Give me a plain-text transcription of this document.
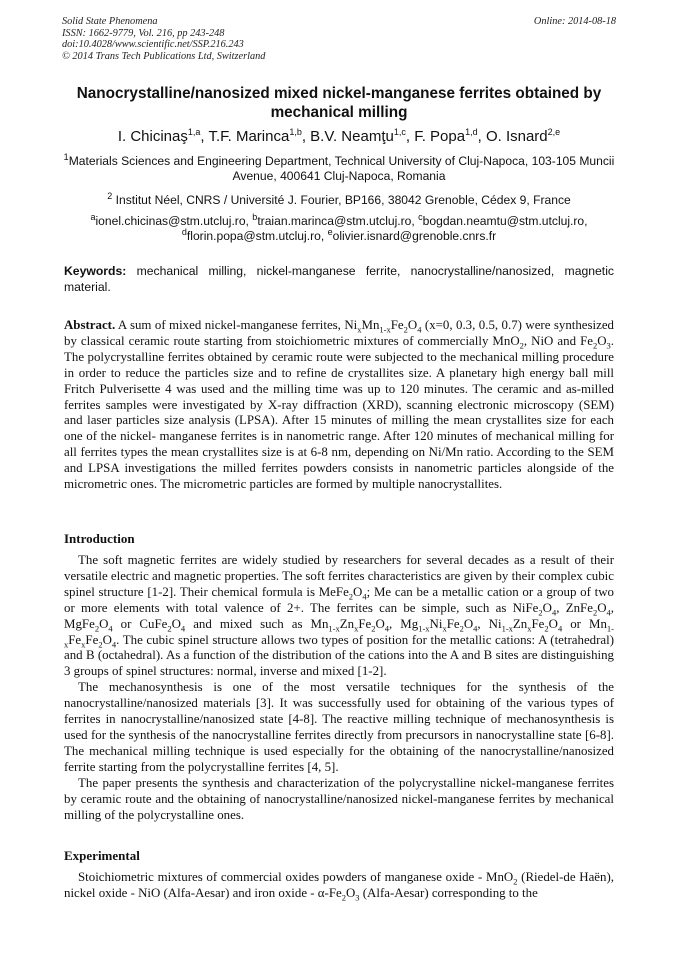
Solid State Phenomena
ISSN: 1662-9779, Vol. 216, pp 243-248
doi:10.4028/www.scientific.net/SSP.216.243
© 2014 Trans Tech Publications Ltd, Switzerland
Online: 2014-08-18
Nanocrystalline/nanosized mixed nickel-manganese ferrites obtained by mechanical milling
I. Chicinaş$^{1,a}$, T.F. Marinca$^{1,b}$, B.V. Neamţu$^{1,c}$, F. Popa$^{1,d}$, O. Isnard$^{2,e}$
$^1$Materials Sciences and Engineering Department, Technical University of Cluj-Napoca, 103-105 Muncii Avenue, 400641 Cluj-Napoca, Romania
$^2$ Institut Néel, CNRS / Université J. Fourier, BP166, 38042 Grenoble, Cédex 9, France
$^a$ionel.chicinas@stm.utcluj.ro, $^b$traian.marinca@stm.utcluj.ro, $^c$bogdan.neamtu@stm.utcluj.ro,
$^d$florin.popa@stm.utcluj.ro, $^e$olivier.isnard@grenoble.cnrs.fr
Keywords: mechanical milling, nickel-manganese ferrite, nanocrystalline/nanosized, magnetic material.
Abstract. A sum of mixed nickel-manganese ferrites, $Ni_xMn_{1-x}Fe_2O_4$ (x=0, 0.3, 0.5, 0.7) were synthesized by classical ceramic route starting from stoichiometric mixtures of commercially MnO$_2$, NiO and $Fe_2O_3$. The polycrystalline ferrites obtained by ceramic route were subjected to the mechanical milling procedure in order to reduce the particles size and to refine de crystallites size. A planetary high energy ball mill Fritch Pulverisette 4 was used and the milling time was up to 120 minutes. The ceramic and as-milled ferrites samples were investigated by X-ray diffraction (XRD), scanning electronic microscopy (SEM) and laser particles size analysis (LPSA). After 15 minutes of milling the mean crystallites size for each one of the nickel- manganese ferrites is in nanometric range. After 120 minutes of mechanical milling for all ferrites types the mean crystallites size is at 6-8 nm, depending on Ni/Mn ratio. According to the SEM and LPSA investigations the milled ferrites powders consists in nanometric particles alongside of the micrometric ones. The micrometric particles are formed by multiple nanocrystallites.
Introduction

The soft magnetic ferrites are widely studied by researchers for several decades as a result of their versatile electric and magnetic properties. The soft ferrites characteristics are given by their complex cubic spinel structure [1-2]. Their chemical formula is $MeFe_2O_4$; Me can be a metallic cation or a group of two or more elements with total valence of 2+. The ferrites can be simple, such as $NiFe_2O_4$, $ZnFe_2O_4$, $MgFe_2O_4$ or $CuFe_2O_4$ and mixed such as $Mn_{1-x}Zn_xFe_2O_4$, $Mg_{1-x}Ni_xFe_2O_4$, $Ni_{1-x}Zn_xFe_2O_4$ or $Mn_{1-x}Fe_xFe_2O_4$. The cubic spinel structure allows two types of position for the metallic cations: A (tetrahedral) and B (octahedral). As a function of the distribution of the cations into the A and B sites are distinguishing 3 groups of spinel structures: normal, inverse and mixed [1-2].

The mechanosynthesis is one of the most versatile techniques for the synthesis of the nanocrystalline/nanosized materials [3]. It was successfully used for obtaining of the various types of ferrites in nanocrystalline/nanosized state [4-8]. The reactive milling technique of mechanosynthesis is used for the synthesis of the nanocrystalline ferrites directly from precursors in nanocrystalline state [6-8]. The mechanical milling technique is used especially for the obtaining of the nanocrystalline/nanosized ferrite starting from the polycrystalline ferrites [4, 5].

The paper presents the synthesis and characterization of the polycrystalline nickel-manganese ferrites by ceramic route and the obtaining of nanocrystalline/nanosized nickel-manganese ferrites by mechanical milling of the polycrystalline ones.

Experimental

Stoichiometric mixtures of commercial oxides powders of manganese oxide - MnO$_2$ (Riedel-de Haën), nickel oxide - NiO (Alfa-Aesar) and iron oxide - $\alpha-Fe_2O_3$ (Alfa-Aesar) corresponding to the
